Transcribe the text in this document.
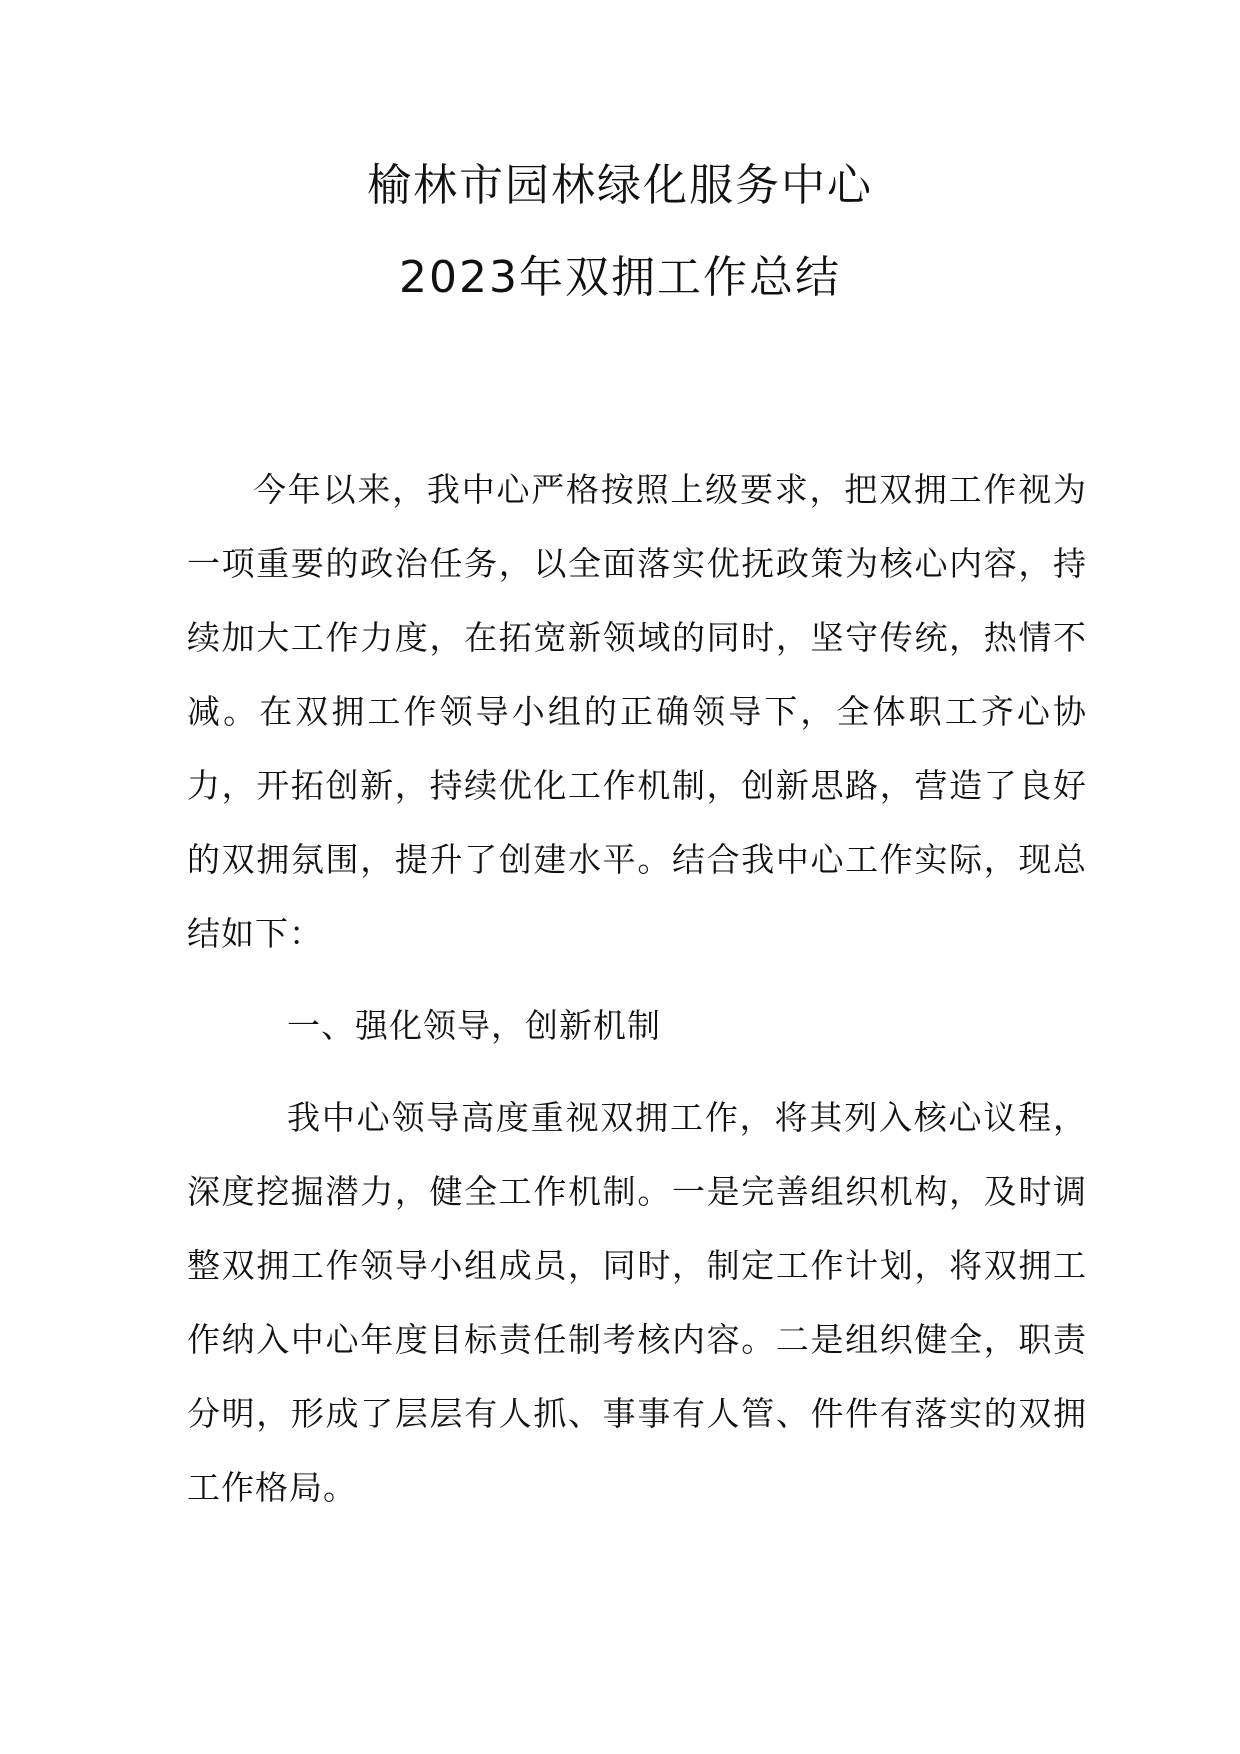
榆林市园林绿化服务中心
2023年双拥工作总结

今年以来，我中心严格按照上级要求，把双拥工作视为一项重要的政治任务，以全面落实优抚政策为核心内容，持续加大工作力度，在拓宽新领域的同时，坚守传统，热情不减。在双拥工作领导小组的正确领导下，全体职工齐心协力，开拓创新，持续优化工作机制，创新思路，营造了良好的双拥氛围，提升了创建水平。结合我中心工作实际，现总结如下：

一、强化领导，创新机制

我中心领导高度重视双拥工作，将其列入核心议程，深度挖掘潜力，健全工作机制。一是完善组织机构，及时调整双拥工作领导小组成员，同时，制定工作计划，将双拥工作纳入中心年度目标责任制考核内容。二是组织健全，职责分明，形成了层层有人抓、事事有人管、件件有落实的双拥工作格局。
